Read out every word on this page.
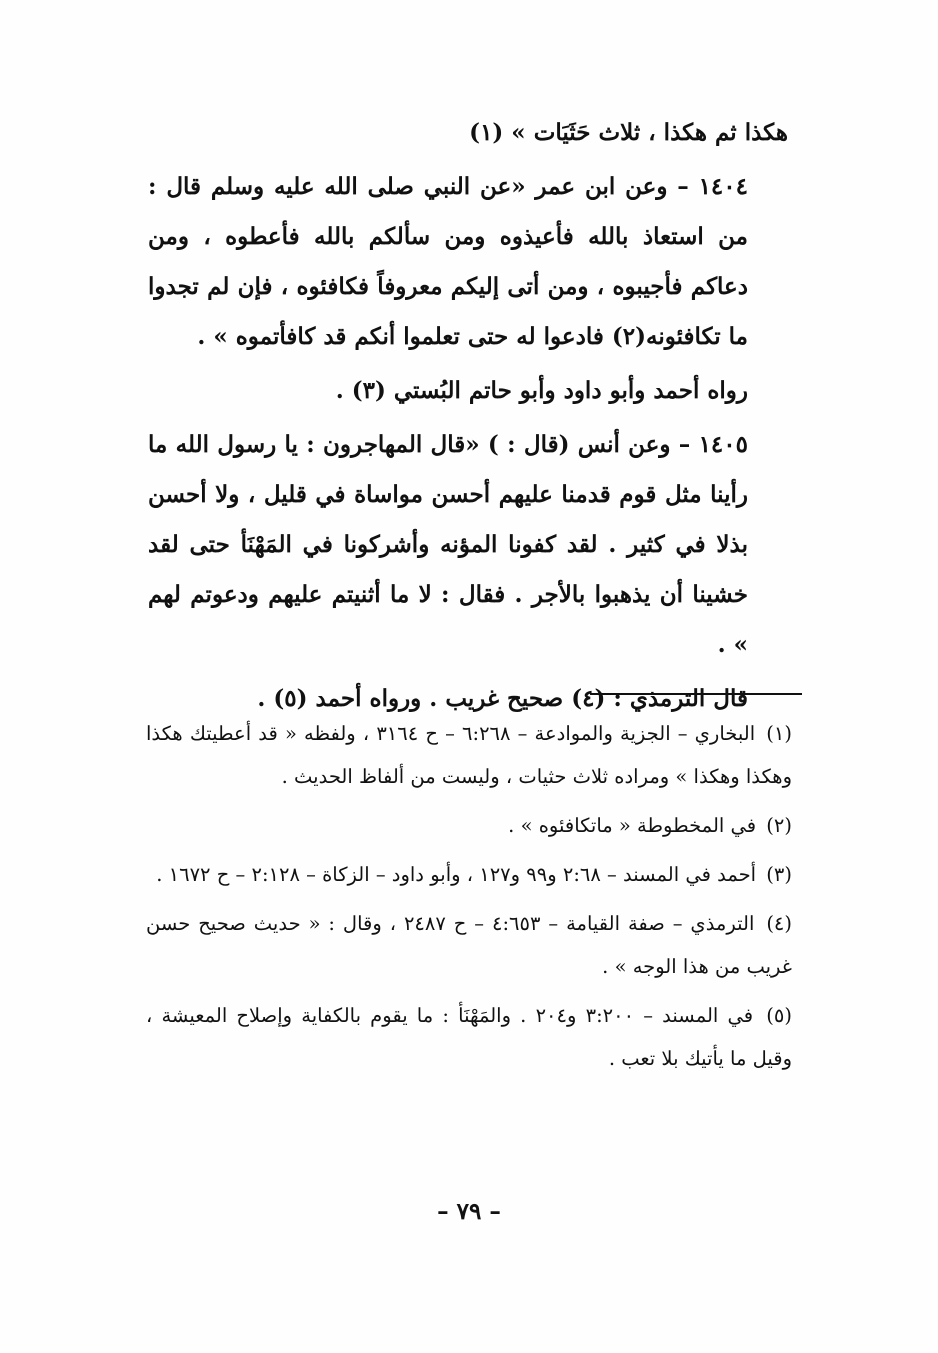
هكذا ثم هكذا ، ثلاث حَثَيَات » (١)

١٤٠٤ – وعن ابن عمر «عن النبي صلى الله عليه وسلم قال : من استعاذ بالله فأعيذوه ومن سألكم بالله فأعطوه ، ومن دعاكم فأجيبوه ، ومن أتى إليكم معروفاً فكافئوه ، فإن لم تجدوا ما تكافئونه(٢) فادعوا له حتى تعلموا أنكم قد كافأتموه » .

رواه أحمد وأبو داود وأبو حاتم البُستي (٣) .

١٤٠٥ – وعن أنس (قال : ) «قال المهاجرون : يا رسول الله ما رأينا مثل قوم قدمنا عليهم أحسن مواساة في قليل ، ولا أحسن بذلا في كثير . لقد كفونا المؤنه وأشركونا في المَهْنَأ حتى لقد خشينا أن يذهبوا بالأجر . فقال : لا ما أثنيتم عليهم ودعوتم لهم » .

قال الترمذي : (٤) صحيح غريب . ورواه أحمد (٥) .

(١) البخاري – الجزية والموادعة – ٦:٢٦٨ – ح ٣١٦٤ ، ولفظه « قد أعطيتك هكذا وهكذا وهكذا » ومراده ثلاث حثيات ، وليست من ألفاظ الحديث .

(٢) في المخطوطة « ماتكافئوه » .

(٣) أحمد في المسند – ٢:٦٨ و٩٩ و١٢٧ ، وأبو داود – الزكاة – ٢:١٢٨ – ح ١٦٧٢ .

(٤) الترمذي – صفة القيامة – ٤:٦٥٣ – ح ٢٤٨٧ ، وقال : « حديث صحيح حسن غريب من هذا الوجه » .

(٥) في المسند – ٣:٢٠٠ و٢٠٤ . والمَهْنَأ : ما يقوم بالكفاية وإصلاح المعيشة ، وقيل ما يأتيك بلا تعب .

– ٧٩ –
